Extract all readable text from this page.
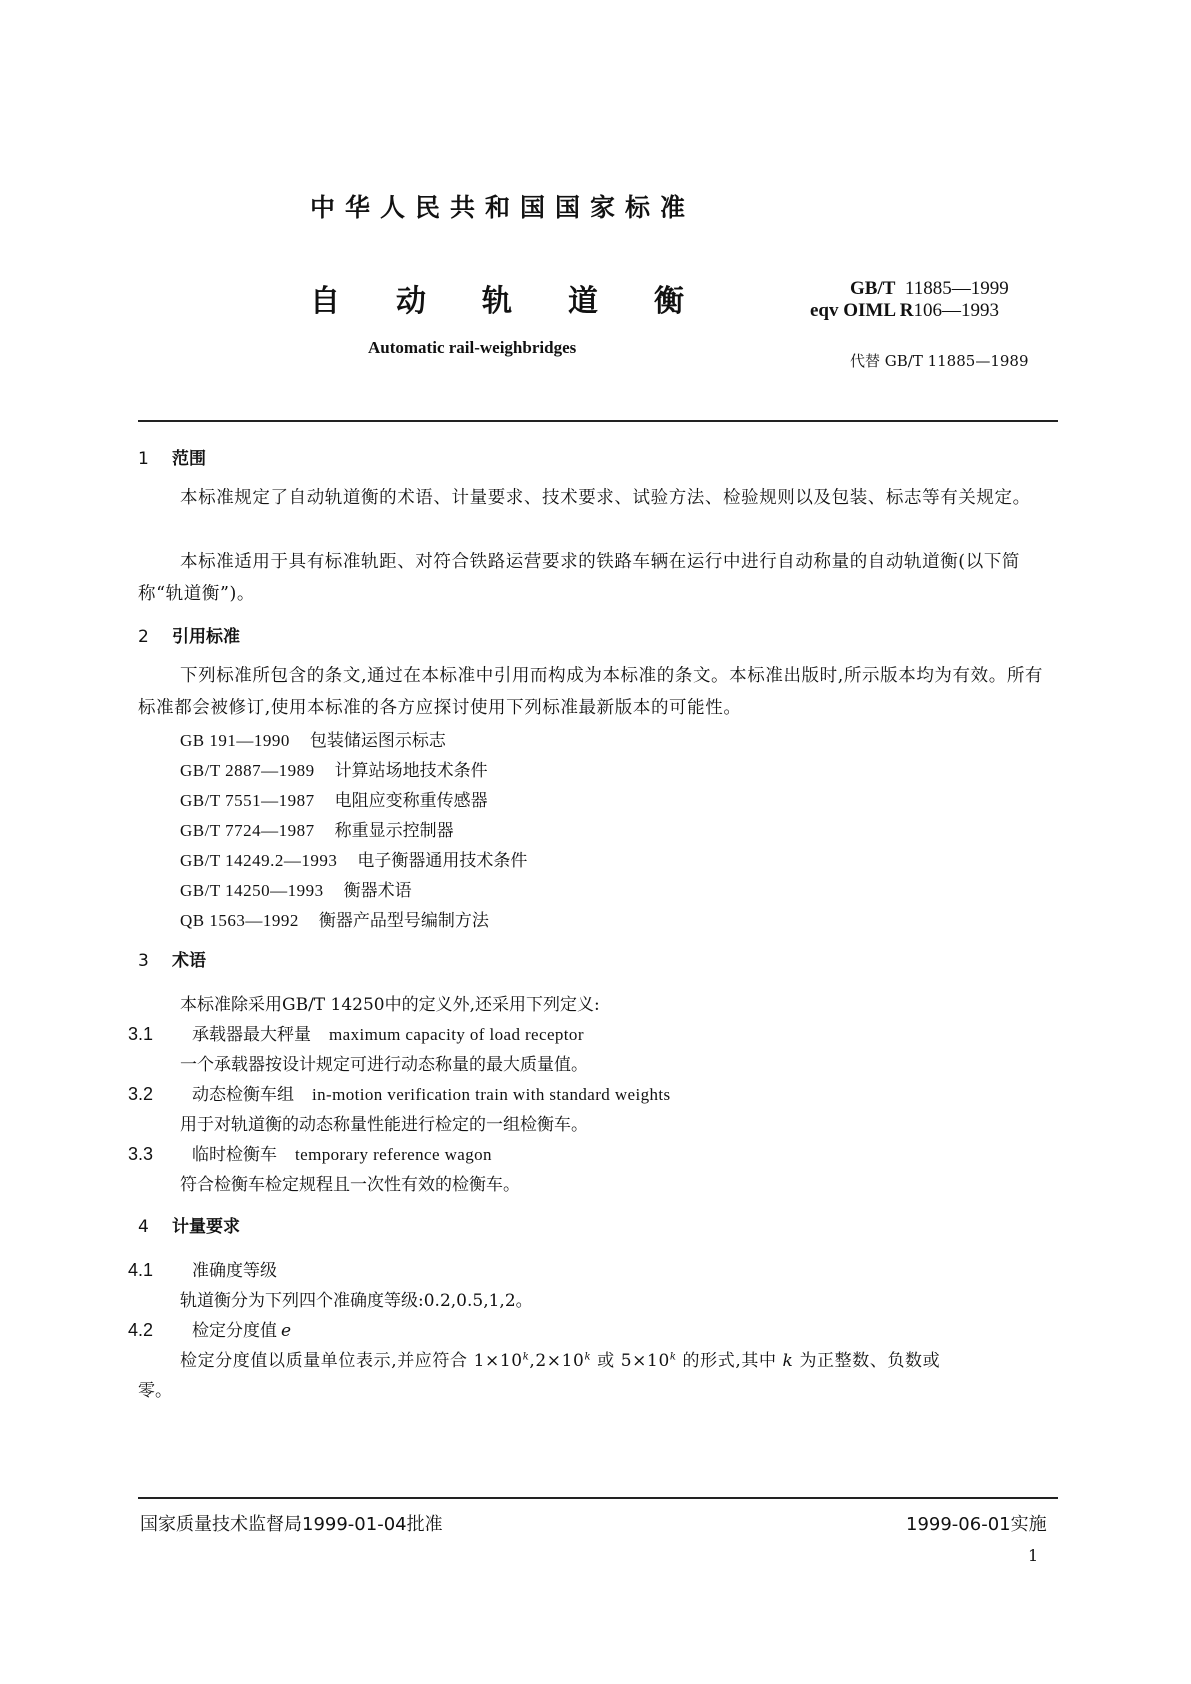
中华人民共和国国家标准
自动轨道衡
Automatic rail-weighbridges
GB/T 11885—1999
eqv OIML R106—1993
代替 GB/T 11885—1989
1 范围
本标准规定了自动轨道衡的术语、计量要求、技术要求、试验方法、检验规则以及包装、标志等有关规定。
本标准适用于具有标准轨距、对符合铁路运营要求的铁路车辆在运行中进行自动称量的自动轨道衡(以下简称“轨道衡”)。
2 引用标准
下列标准所包含的条文,通过在本标准中引用而构成为本标准的条文。本标准出版时,所示版本均为有效。所有标准都会被修订,使用本标准的各方应探讨使用下列标准最新版本的可能性。
GB 191—1990 包装储运图示标志
GB/T 2887—1989 计算站场地技术条件
GB/T 7551—1987 电阻应变称重传感器
GB/T 7724—1987 称重显示控制器
GB/T 14249.2—1993 电子衡器通用技术条件
GB/T 14250—1993 衡器术语
QB 1563—1992 衡器产品型号编制方法
3 术语
本标准除采用GB/T 14250中的定义外,还采用下列定义:
3.1 承载器最大秤量 maximum capacity of load receptor
一个承载器按设计规定可进行动态称量的最大质量值。
3.2 动态检衡车组 in-motion verification train with standard weights
用于对轨道衡的动态称量性能进行检定的一组检衡车。
3.3 临时检衡车 temporary reference wagon
符合检衡车检定规程且一次性有效的检衡车。
4 计量要求
4.1 准确度等级
轨道衡分为下列四个准确度等级:0.2,0.5,1,2。
4.2 检定分度值 e
检定分度值以质量单位表示,并应符合 $1\times 10^k,2\times 10^k$ 或 $5\times 10^k$ 的形式,其中 k 为正整数、负数或
零。
国家质量技术监督局1999-01-04批准	1999-06-01实施
1
